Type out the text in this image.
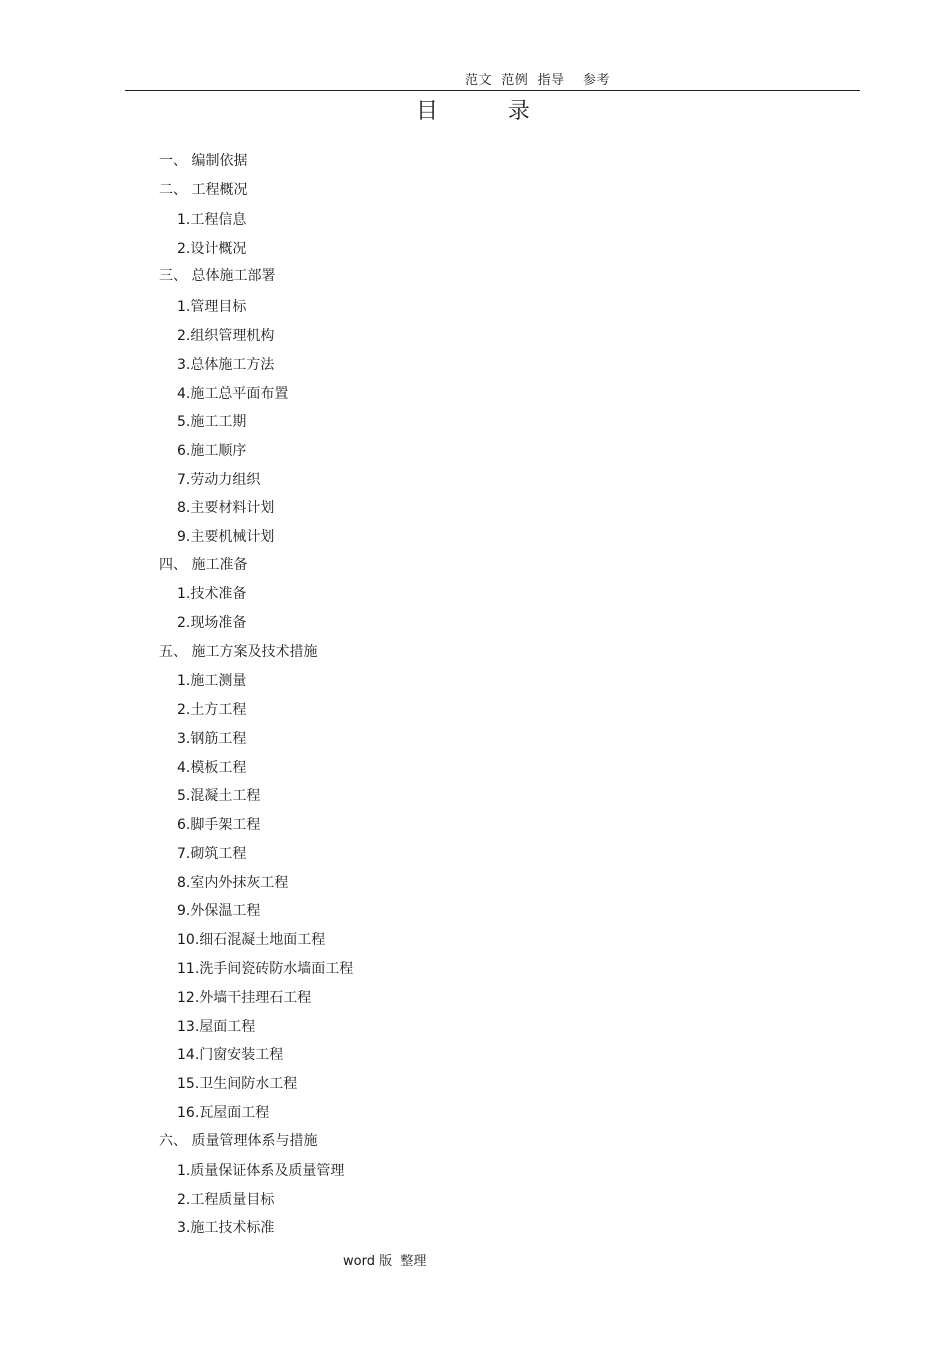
范文  范例  指导    参考
目          录
一、 编制依据
二、 工程概况
1.工程信息
2.设计概况
三、 总体施工部署
1.管理目标
2.组织管理机构
3.总体施工方法
4.施工总平面布置
5.施工工期
6.施工顺序
7.劳动力组织
8.主要材料计划
9.主要机械计划
四、 施工准备
1.技术准备
2.现场准备
五、 施工方案及技术措施
1.施工测量
2.土方工程
3.钢筋工程
4.模板工程
5.混凝土工程
6.脚手架工程
7.砌筑工程
8.室内外抹灰工程
9.外保温工程
10.细石混凝土地面工程
11.洗手间瓷砖防水墙面工程
12.外墙干挂理石工程
13.屋面工程
14.门窗安装工程
15.卫生间防水工程
16.瓦屋面工程
六、 质量管理体系与措施
1.质量保证体系及质量管理
2.工程质量目标
3.施工技术标准
word 版  整理
